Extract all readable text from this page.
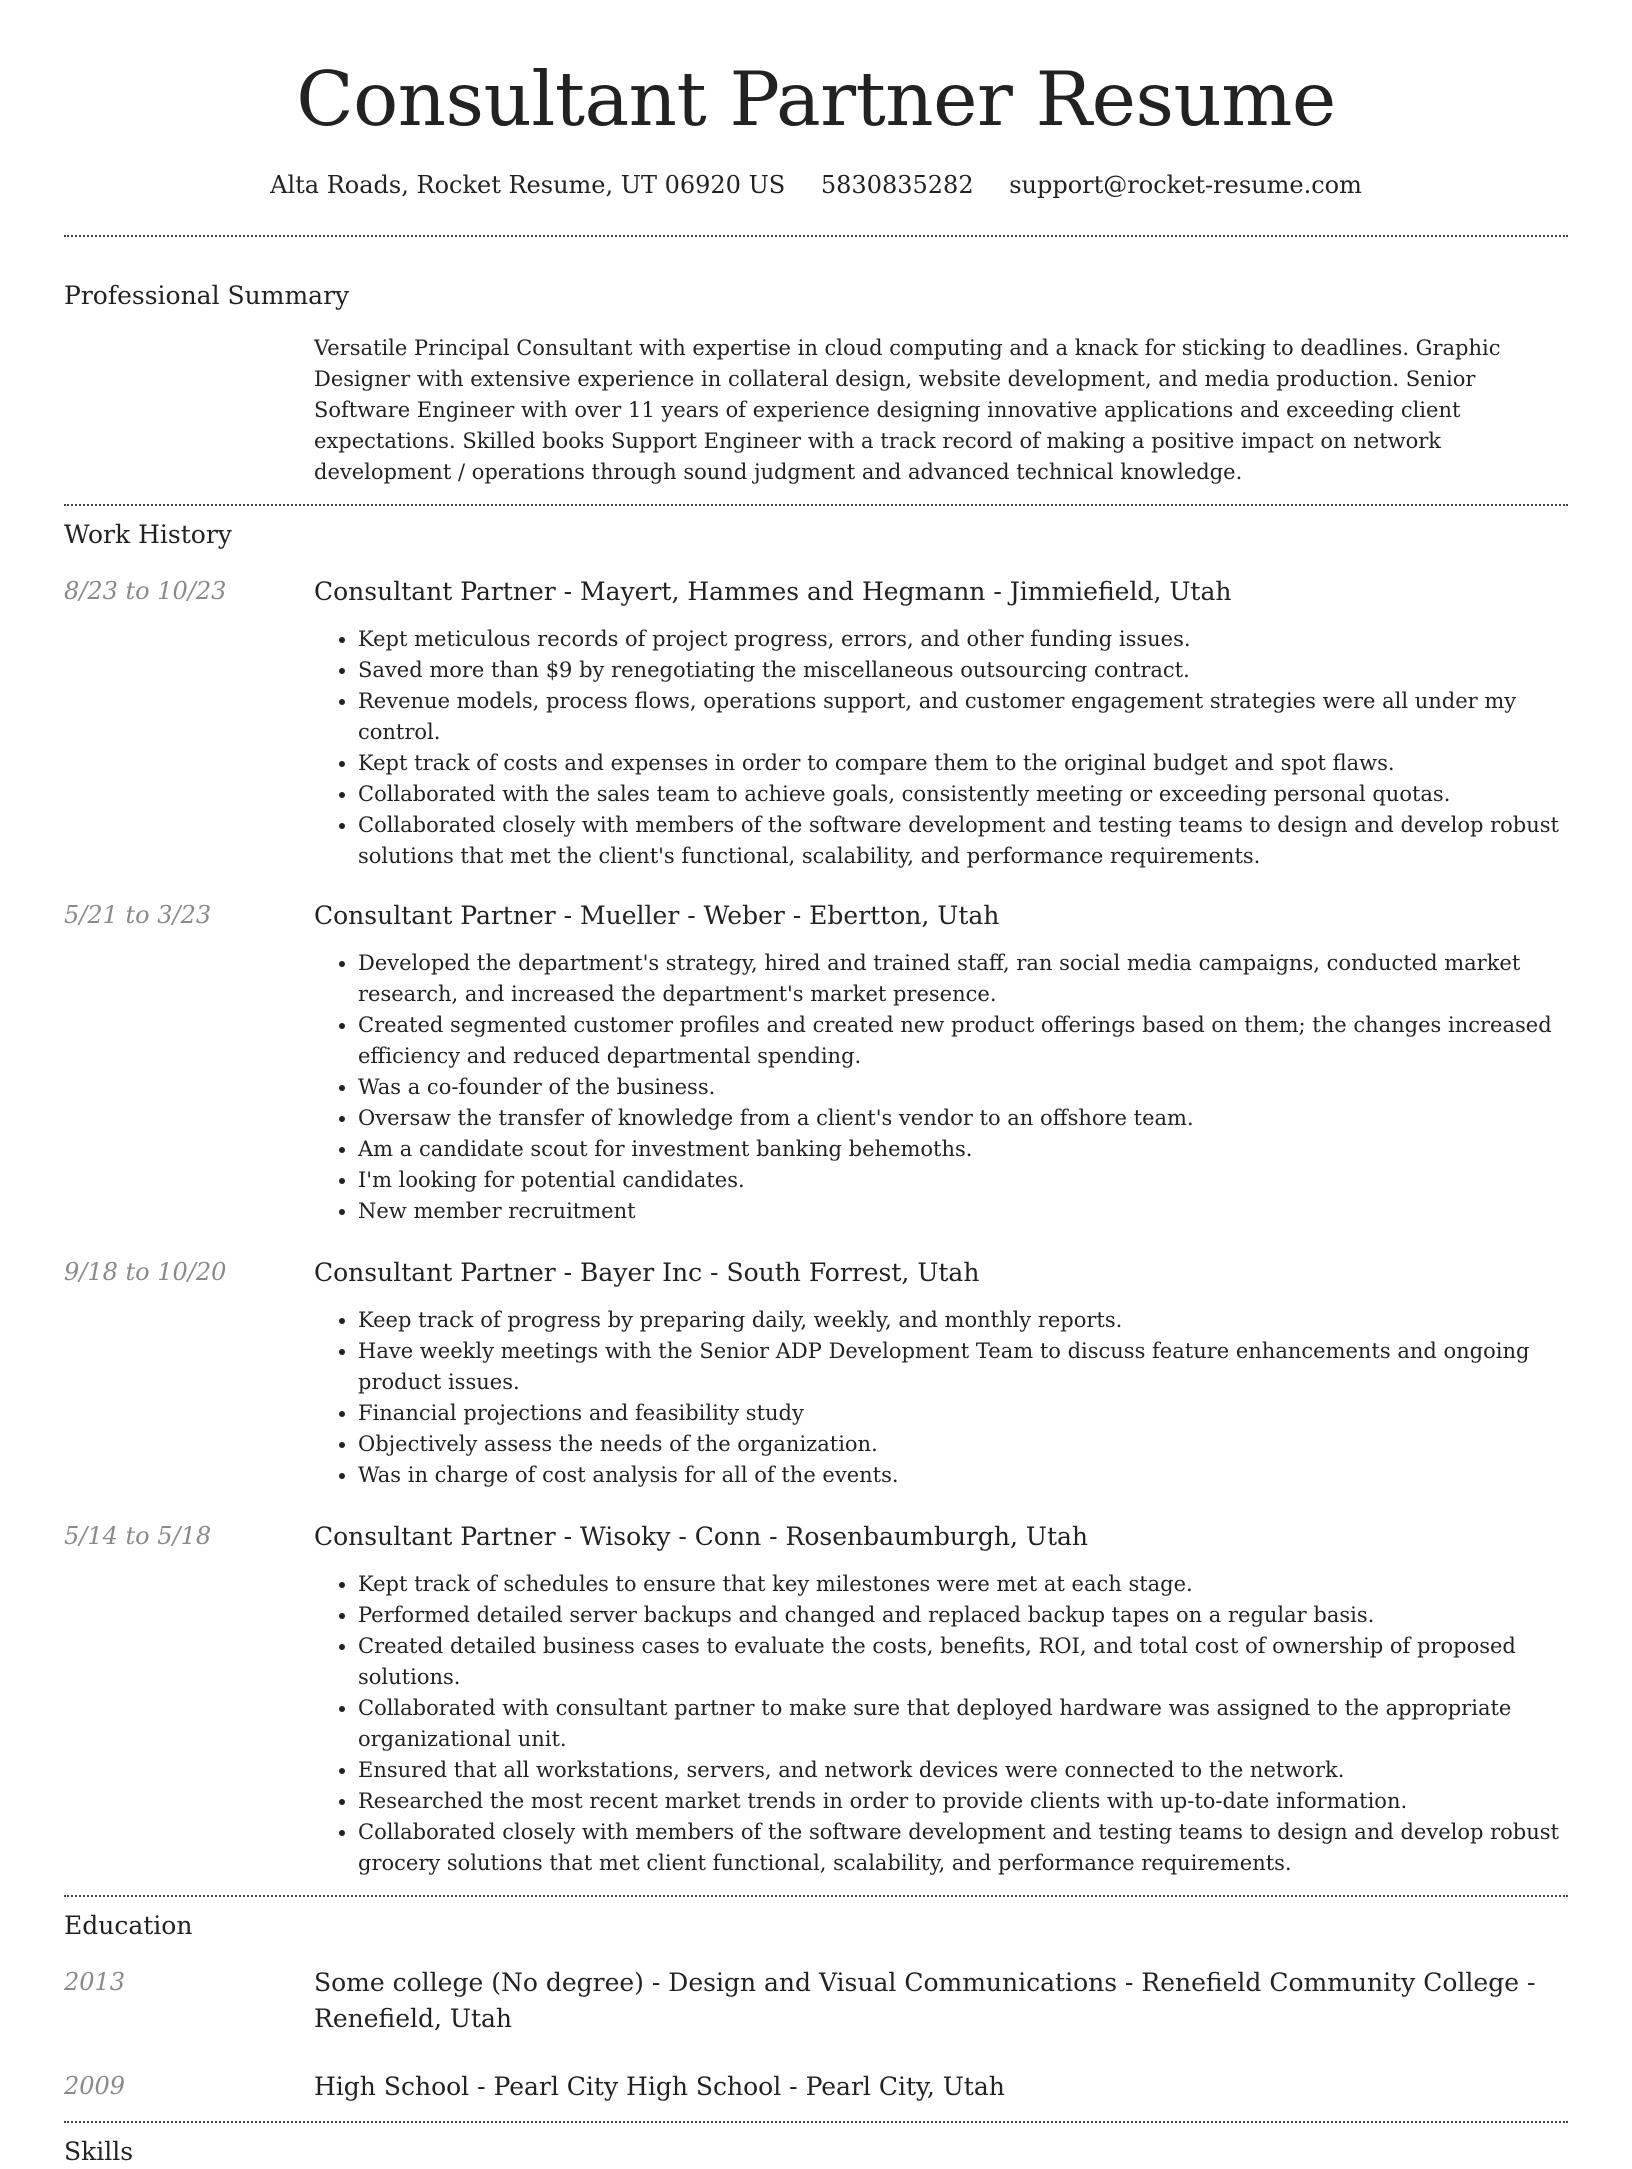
Consultant Partner Resume
Alta Roads, Rocket Resume, UT 06920 US 5830835282 support@rocket-resume.com
Professional Summary
Versatile Principal Consultant with expertise in cloud computing and a knack for sticking to deadlines. Graphic Designer with extensive experience in collateral design, website development, and media production. Senior Software Engineer with over 11 years of experience designing innovative applications and exceeding client expectations. Skilled books Support Engineer with a track record of making a positive impact on network development / operations through sound judgment and advanced technical knowledge.
Work History
8/23 to 10/23	Consultant Partner - Mayert, Hammes and Hegmann - Jimmiefield, Utah
• Kept meticulous records of project progress, errors, and other funding issues.
• Saved more than $9 by renegotiating the miscellaneous outsourcing contract.
• Revenue models, process flows, operations support, and customer engagement strategies were all under my control.
• Kept track of costs and expenses in order to compare them to the original budget and spot flaws.
• Collaborated with the sales team to achieve goals, consistently meeting or exceeding personal quotas.
• Collaborated closely with members of the software development and testing teams to design and develop robust solutions that met the client's functional, scalability, and performance requirements.
5/21 to 3/23	Consultant Partner - Mueller - Weber - Ebertton, Utah
• Developed the department's strategy, hired and trained staff, ran social media campaigns, conducted market research, and increased the department's market presence.
• Created segmented customer profiles and created new product offerings based on them; the changes increased efficiency and reduced departmental spending.
• Was a co-founder of the business.
• Oversaw the transfer of knowledge from a client's vendor to an offshore team.
• Am a candidate scout for investment banking behemoths.
• I'm looking for potential candidates.
• New member recruitment
9/18 to 10/20	Consultant Partner - Bayer Inc - South Forrest, Utah
• Keep track of progress by preparing daily, weekly, and monthly reports.
• Have weekly meetings with the Senior ADP Development Team to discuss feature enhancements and ongoing product issues.
• Financial projections and feasibility study
• Objectively assess the needs of the organization.
• Was in charge of cost analysis for all of the events.
5/14 to 5/18	Consultant Partner - Wisoky - Conn - Rosenbaumburgh, Utah
• Kept track of schedules to ensure that key milestones were met at each stage.
• Performed detailed server backups and changed and replaced backup tapes on a regular basis.
• Created detailed business cases to evaluate the costs, benefits, ROI, and total cost of ownership of proposed solutions.
• Collaborated with consultant partner to make sure that deployed hardware was assigned to the appropriate organizational unit.
• Ensured that all workstations, servers, and network devices were connected to the network.
• Researched the most recent market trends in order to provide clients with up-to-date information.
• Collaborated closely with members of the software development and testing teams to design and develop robust grocery solutions that met client functional, scalability, and performance requirements.
Education
2013	Some college (No degree) - Design and Visual Communications - Renefield Community College - Renefield, Utah
2009	High School - Pearl City High School - Pearl City, Utah
Skills
